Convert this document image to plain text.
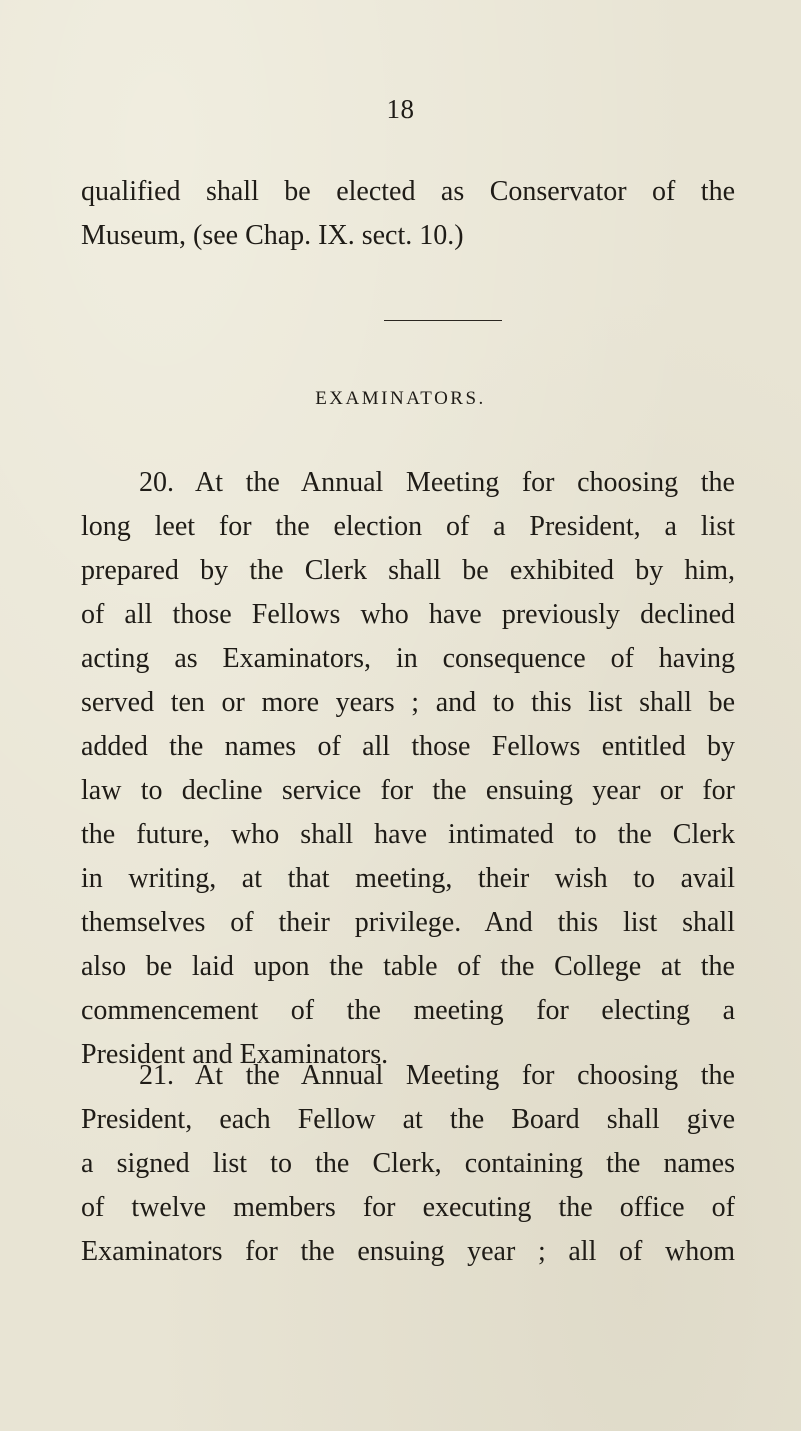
18
qualified shall be elected as Conservator of the
Museum, (see Chap. IX. sect. 10.)
EXAMINATORS.
20. At the Annual Meeting for choosing the
long leet for the election of a President, a list
prepared by the Clerk shall be exhibited by him,
of all those Fellows who have previously declined
acting as Examinators, in consequence of having
served ten or more years ; and to this list shall be
added the names of all those Fellows entitled by
law to decline service for the ensuing year or for
the future, who shall have intimated to the Clerk
in writing, at that meeting, their wish to avail
themselves of their privilege. And this list shall
also be laid upon the table of the College at the
commencement of the meeting for electing a
President and Examinators.
21. At the Annual Meeting for choosing the
President, each Fellow at the Board shall give
a signed list to the Clerk, containing the names
of twelve members for executing the office of
Examinators for the ensuing year ; all of whom
